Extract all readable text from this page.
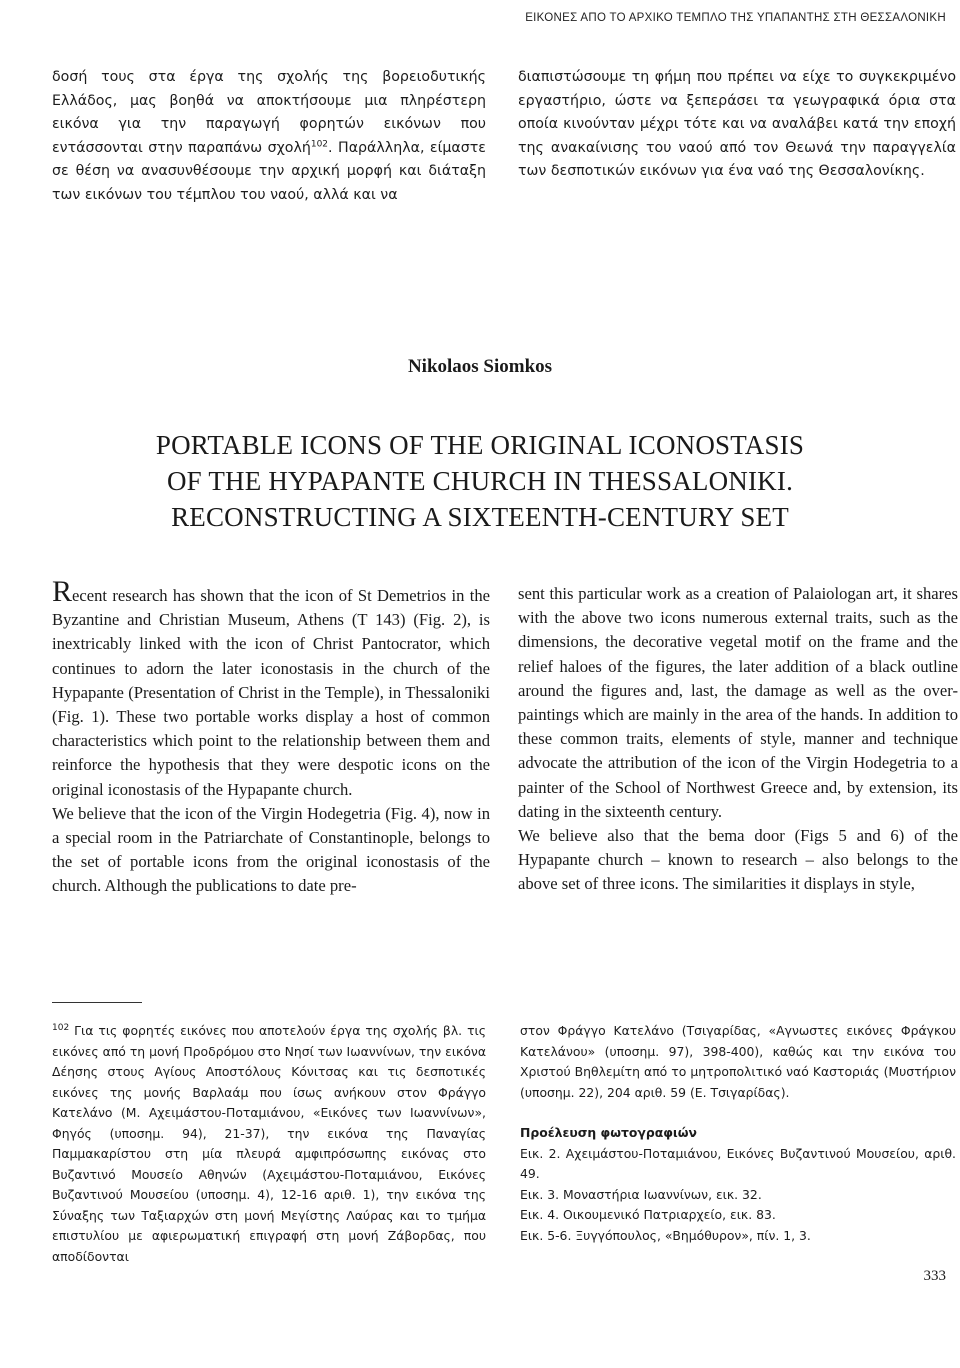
ΕΙΚΟΝΕΣ ΑΠΟ ΤΟ ΑΡΧΙΚΟ ΤΕΜΠΛΟ ΤΗΣ ΥΠΑΠΑΝΤΗΣ ΣΤΗ ΘΕΣΣΑΛΟΝΙΚΗ

δοσή τους στα έργα της σχολής της βορειοδυτικής Ελλάδος, μας βοηθά να αποκτήσουμε μια πληρέστερη εικόνα για την παραγωγή φορητών εικόνων που εντάσσονται στην παραπάνω σχολή$^{102}$. Παράλληλα, είμαστε σε θέση να ανασυνθέσουμε την αρχική μορφή και διάταξη των εικόνων του τέμπλου του ναού, αλλά και να

διαπιστώσουμε τη φήμη που πρέπει να είχε το συγκεκριμένο εργαστήριο, ώστε να ξεπεράσει τα γεωγραφικά όρια στα οποία κινούνταν μέχρι τότε και να αναλάβει κατά την εποχή της ανακαίνισης του ναού από τον Θεωνά την παραγγελία των δεσποτικών εικόνων για ένα ναό της Θεσσαλονίκης.

Nikolaos Siomkos
PORTABLE ICONS OF THE ORIGINAL ICONOSTASIS
OF THE HYPAPANTE CHURCH IN THESSALONIKI.
RECONSTRUCTING A SIXTEENTH-CENTURY SET

Recent research has shown that the icon of St Demetrios in the Byzantine and Christian Museum, Athens (T 143) (Fig. 2), is inextricably linked with the icon of Christ Pantocrator, which continues to adorn the later iconostasis in the church of the Hypapante (Presentation of Christ in the Temple), in Thessaloniki (Fig. 1). These two portable works display a host of common characteristics which point to the relationship between them and reinforce the hypothesis that they were despotic icons on the original iconostasis of the Hypapante church.

We believe that the icon of the Virgin Hodegetria (Fig. 4), now in a special room in the Patriarchate of Constantinople, belongs to the set of portable icons from the original iconostasis of the church. Although the publications to date pre-

sent this particular work as a creation of Palaiologan art, it shares with the above two icons numerous external traits, such as the dimensions, the decorative vegetal motif on the frame and the relief haloes of the figures, the later addition of a black outline around the figures and, last, the damage as well as the over-paintings which are mainly in the area of the hands. In addition to these common traits, elements of style, manner and technique advocate the attribution of the icon of the Virgin Hodegetria to a painter of the School of Northwest Greece and, by extension, its dating in the sixteenth century.

We believe also that the bema door (Figs 5 and 6) of the Hypapante church – known to research – also belongs to the above set of three icons. The similarities it displays in style,

$^{102}$ Για τις φορητές εικόνες που αποτελούν έργα της σχολής βλ. τις εικόνες από τη μονή Προδρόμου στο Νησί των Ιωαννίνων, την εικόνα Δέησης στους Αγίους Αποστόλους Κόνιτσας και τις δεσποτικές εικόνες της μονής Βαρλαάμ που ίσως ανήκουν στον Φράγγο Κατελάνο (Μ. Αχειμάστου-Ποταμιάνου, «Εικόνες των Ιωαννίνων», Φηγός (υποσημ. 94), 21-37), την εικόνα της Παναγίας Παμμακαρίστου στη μία πλευρά αμφιπρόσωπης εικόνας στο Βυζαντινό Μουσείο Αθηνών (Αχειμάστου-Ποταμιάνου, Εικόνες Βυζαντινού Μουσείου (υποσημ. 4), 12-16 αριθ. 1), την εικόνα της Σύναξης των Ταξιαρχών στη μονή Μεγίστης Λαύρας και το τμήμα επιστυλίου με αφιερωματική επιγραφή στη μονή Ζάβορδας, που αποδίδονται

στον Φράγγο Κατελάνο (Τσιγαρίδας, «Αγνωστες εικόνες Φράγκου Κατελάνου» (υποσημ. 97), 398-400), καθώς και την εικόνα του Χριστού Βηθλεμίτη από το μητροπολιτικό ναό Καστοριάς (Μυστήριον (υποσημ. 22), 204 αριθ. 59 (Ε. Τσιγαρίδας).

Προέλευση φωτογραφιών

Εικ. 2. Αχειμάστου-Ποταμιάνου, Εικόνες Βυζαντινού Μουσείου, αριθ. 49.

Εικ. 3. Μοναστήρια Ιωαννίνων, εικ. 32.

Εικ. 4. Οικουμενικό Πατριαρχείο, εικ. 83.

Εικ. 5-6. Ξυγγόπουλος, «Βημόθυρον», πίν. 1, 3.

333
